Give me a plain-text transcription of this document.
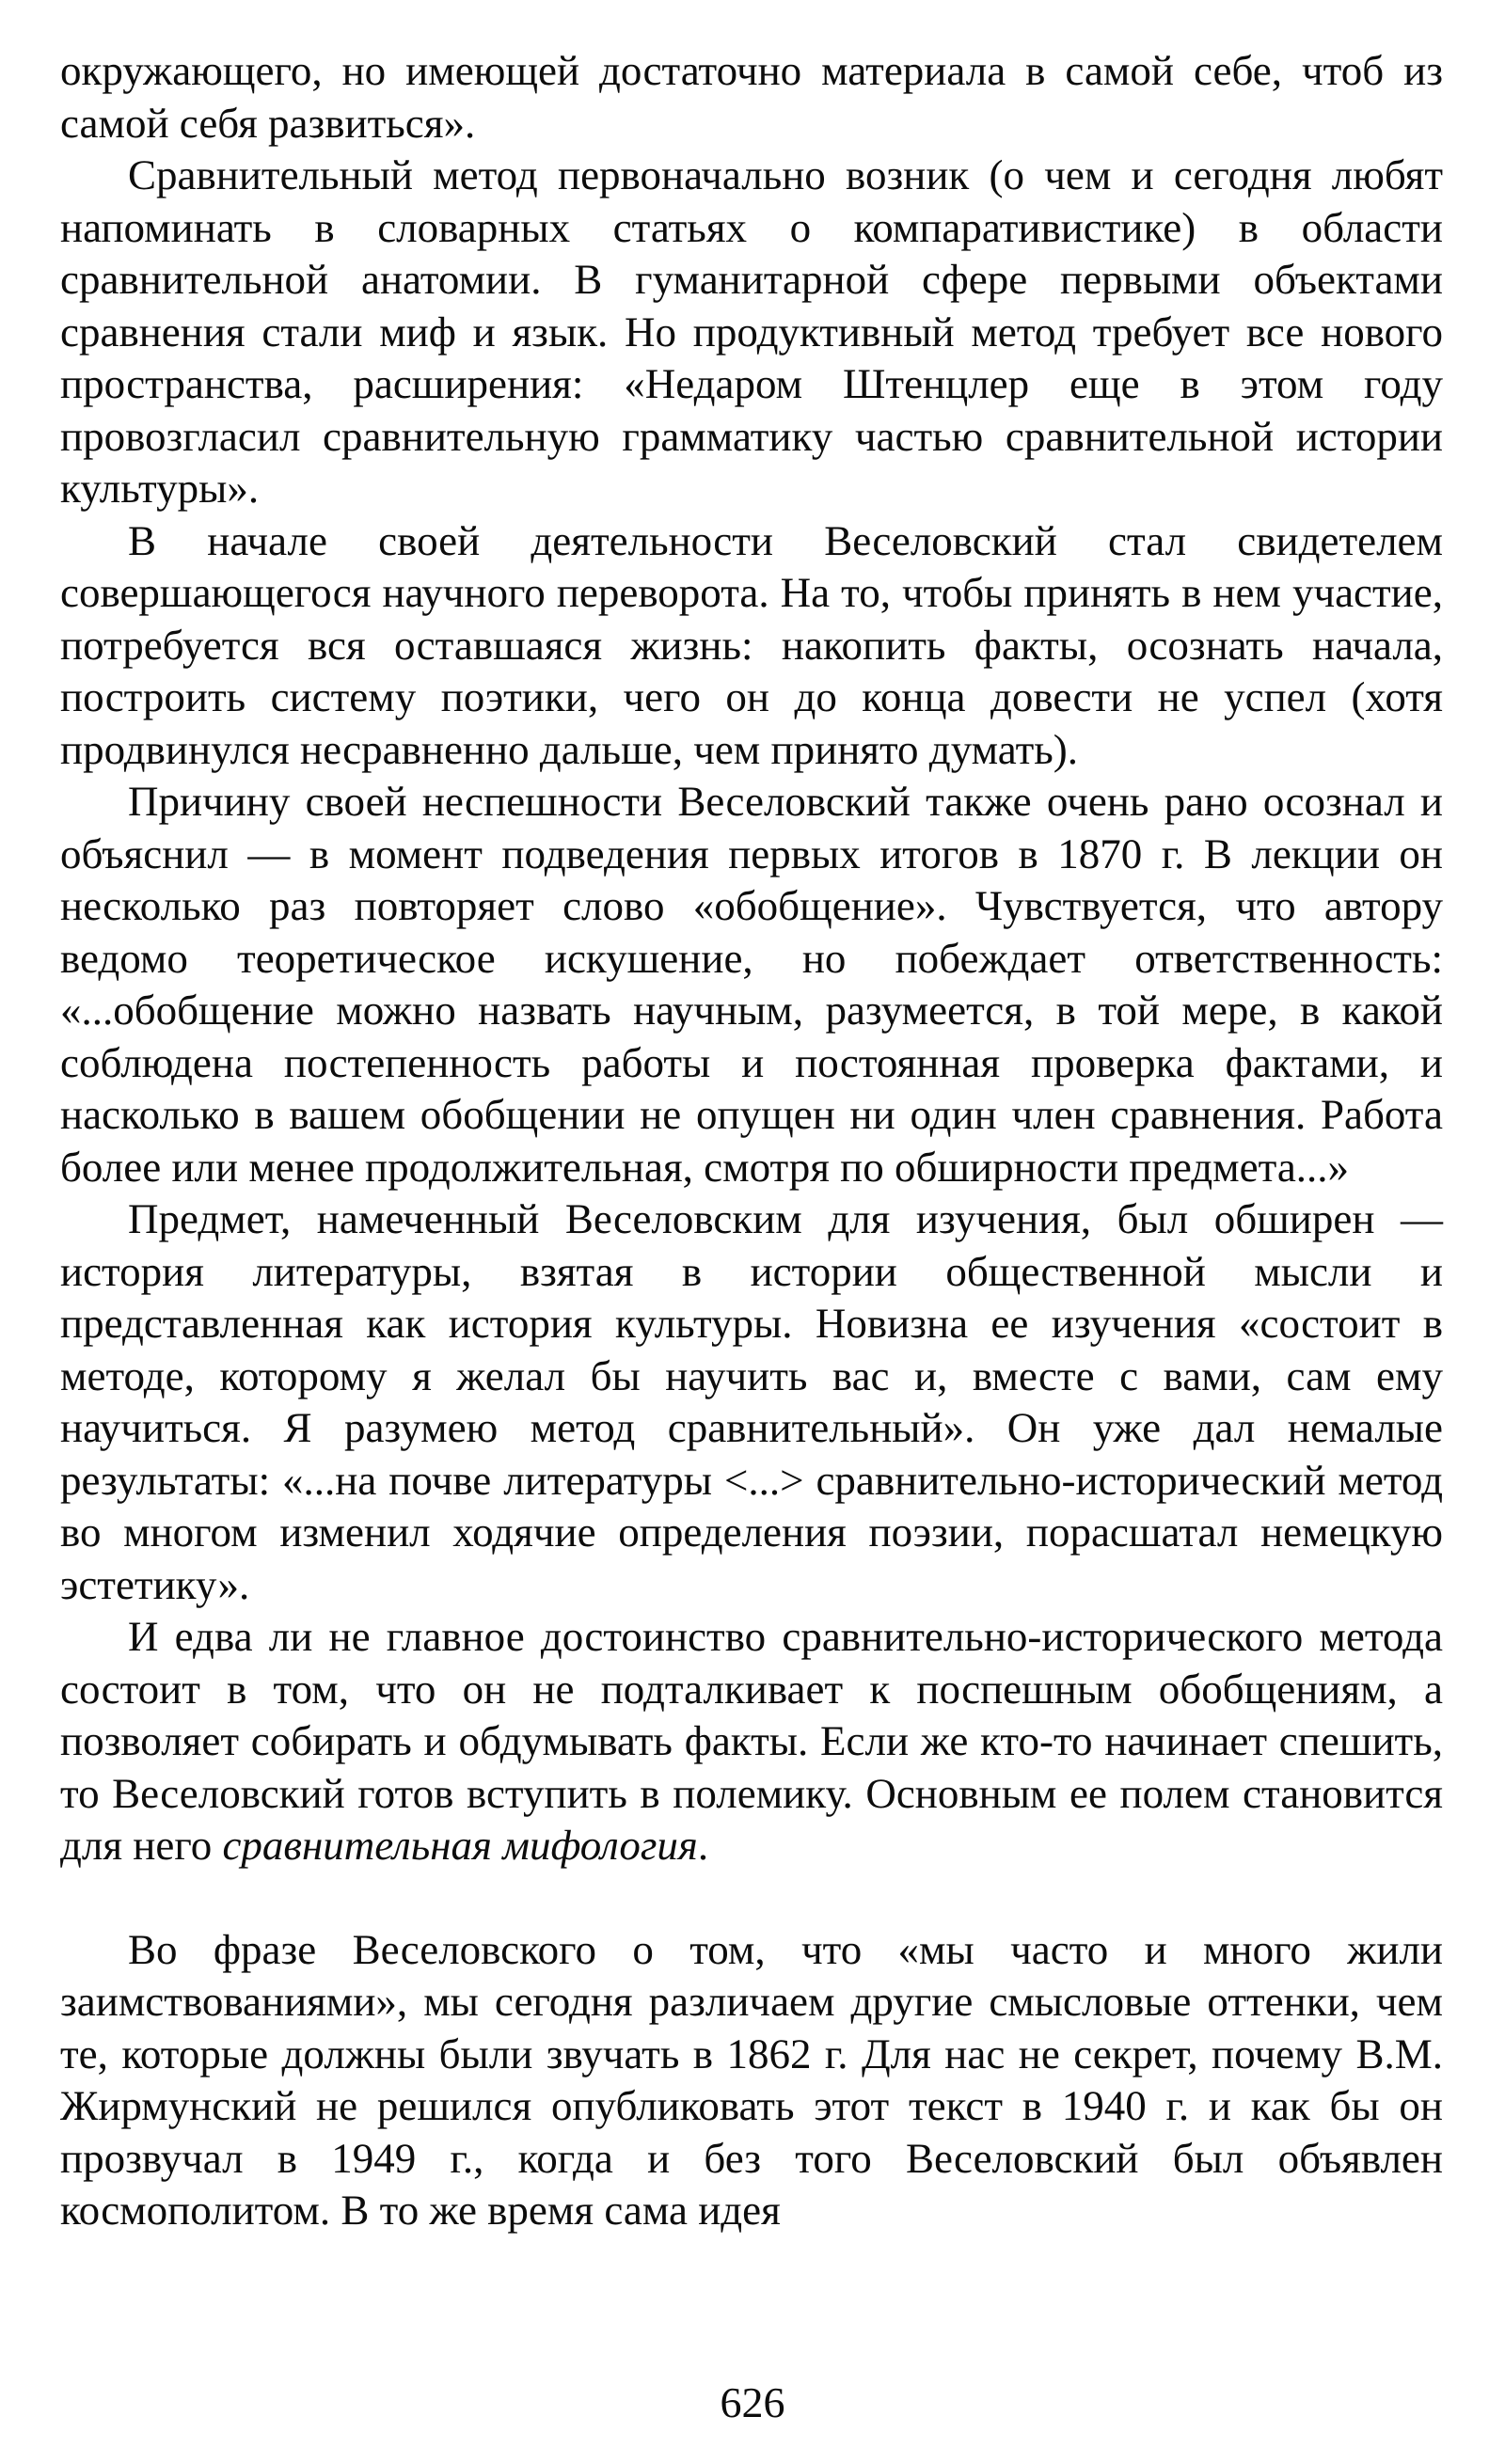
окружающего, но имеющей достаточно материала в самой себе, чтоб из самой себя развиться».

Сравнительный метод первоначально возник (о чем и сегодня любят напоминать в словарных статьях о компаративистике) в области сравнительной анатомии. В гуманитарной сфере первыми объектами сравнения стали миф и язык. Но продуктивный метод требует все нового пространства, расширения: «Недаром Штенцлер еще в этом году провозгласил сравнительную грамматику частью сравнительной истории культуры».

В начале своей деятельности Веселовский стал свидетелем совершающегося научного переворота. На то, чтобы принять в нем участие, потребуется вся оставшаяся жизнь: накопить факты, осознать начала, построить систему поэтики, чего он до конца довести не успел (хотя продвинулся несравненно дальше, чем принято думать).

Причину своей неспешности Веселовский также очень рано осознал и объяснил — в момент подведения первых итогов в 1870 г. В лекции он несколько раз повторяет слово «обобщение». Чувствуется, что автору ведомо теоретическое искушение, но побеждает ответственность: «...обобщение можно назвать научным, разумеется, в той мере, в какой соблюдена постепенность работы и постоянная проверка фактами, и насколько в вашем обобщении не опущен ни один член сравнения. Работа более или менее продолжительная, смотря по обширности предмета...»

Предмет, намеченный Веселовским для изучения, был обширен — история литературы, взятая в истории общественной мысли и представленная как история культуры. Новизна ее изучения «состоит в методе, которому я желал бы научить вас и, вместе с вами, сам ему научиться. Я разумею метод сравнительный». Он уже дал немалые результаты: «...на почве литературы <...> сравнительно-исторический метод во многом изменил ходячие определения поэзии, порасшатал немецкую эстетику».

И едва ли не главное достоинство сравнительно-исторического метода состоит в том, что он не подталкивает к поспешным обобщениям, а позволяет собирать и обдумывать факты. Если же кто-то начинает спешить, то Веселовский готов вступить в полемику. Основным ее полем становится для него сравнительная мифология.

Во фразе Веселовского о том, что «мы часто и много жили заимствованиями», мы сегодня различаем другие смысловые оттенки, чем те, которые должны были звучать в 1862 г. Для нас не секрет, почему В.М. Жирмунский не решился опубликовать этот текст в 1940 г. и как бы он прозвучал в 1949 г., когда и без того Веселовский был объявлен космополитом. В то же время сама идея

626
